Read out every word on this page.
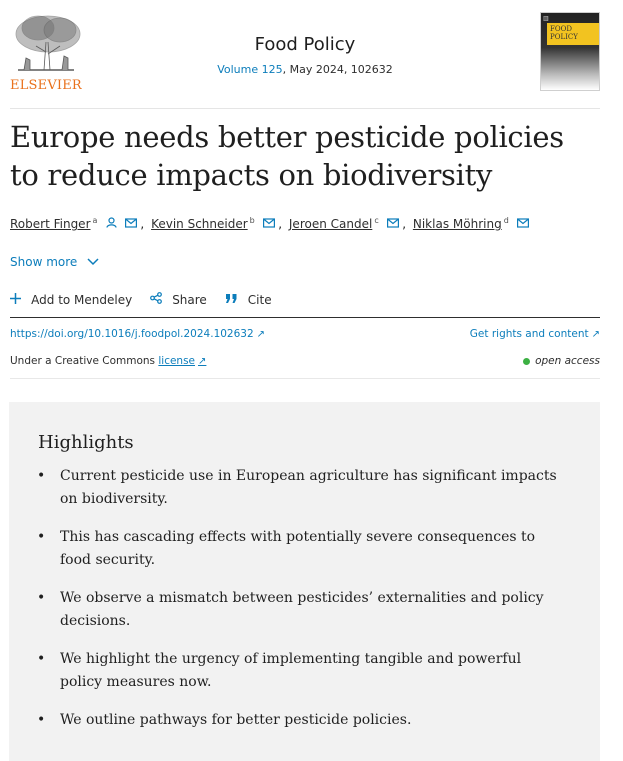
ELSEVIER
Food Policy
Volume 125, May 2024, 102632
▥
FOOD POLICY
Europe needs better pesticide policies to reduce impacts on biodiversity
Robert Finger $^a$	, Kevin Schneider $^b$ , Jeroen Candel $^c$ , Niklas Möhring $^d$
Show more
Add to Mendeley	Share	Cite
https://doi.org/10.1016/j.foodpol.2024.102632 ↗	Get rights and content ↗
Under a Creative Commons license ↗	open access
Highlights
• Current pesticide use in European agriculture has significant impacts on biodiversity.
• This has cascading effects with potentially severe consequences to food security.
• We observe a mismatch between pesticides’ externalities and policy decisions.
• We highlight the urgency of implementing tangible and powerful policy measures now.
• We outline pathways for better pesticide policies.
